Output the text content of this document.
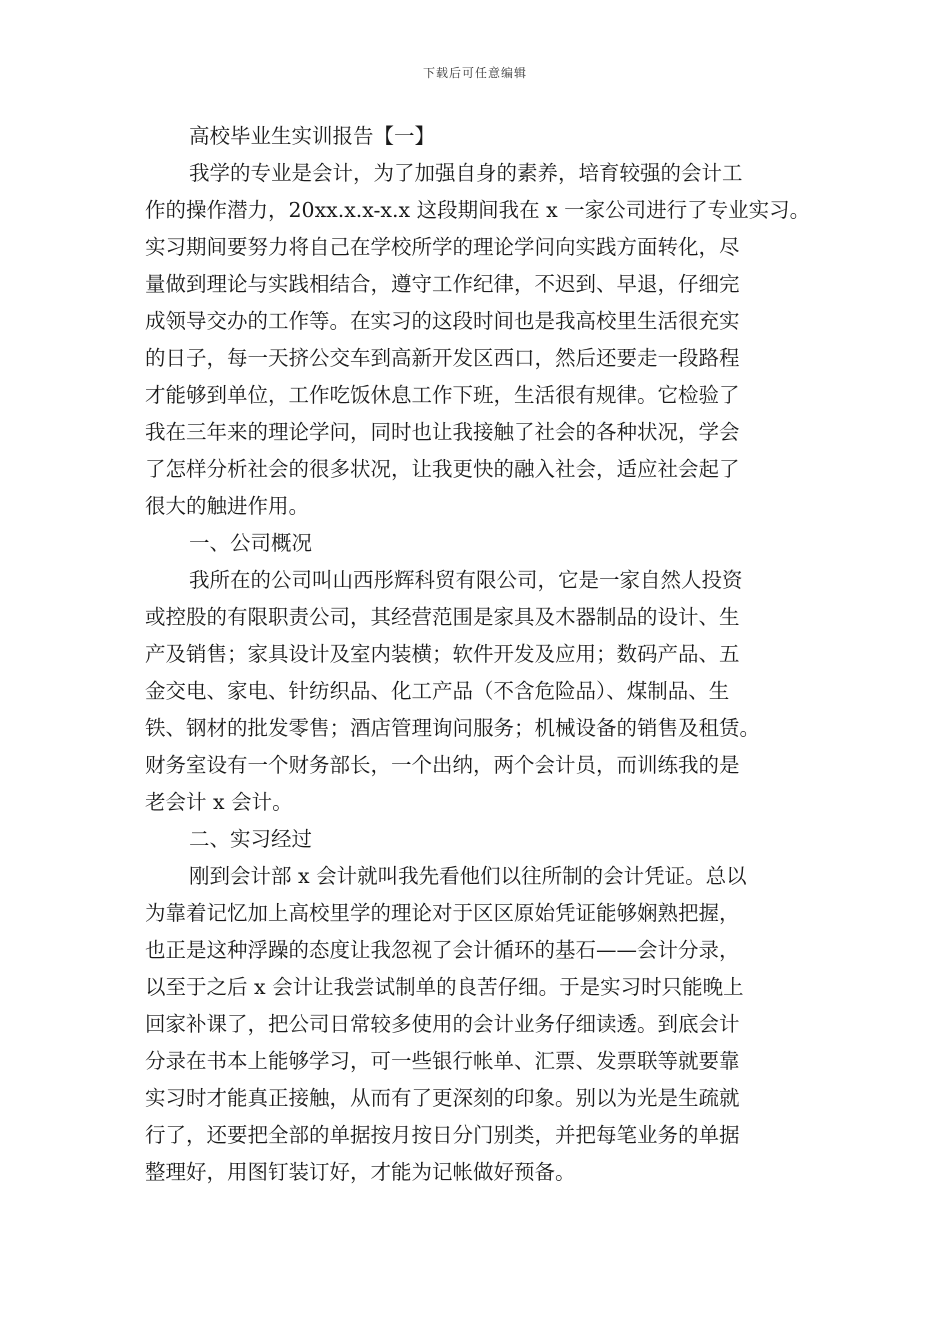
下载后可任意编辑
高校毕业生实训报告【一】
我学的专业是会计，为了加强自身的素养，培育较强的会计工
作的操作潜力，20xx.x.x-x.x 这段期间我在 x 一家公司进行了专业实习。
实习期间要努力将自己在学校所学的理论学问向实践方面转化，尽
量做到理论与实践相结合，遵守工作纪律，不迟到、早退，仔细完
成领导交办的工作等。在实习的这段时间也是我高校里生活很充实
的日子，每一天挤公交车到高新开发区西口，然后还要走一段路程
才能够到单位，工作吃饭休息工作下班，生活很有规律。它检验了
我在三年来的理论学问，同时也让我接触了社会的各种状况，学会
了怎样分析社会的很多状况，让我更快的融入社会，适应社会起了
很大的触进作用。
一、公司概况
我所在的公司叫山西彤辉科贸有限公司，它是一家自然人投资
或控股的有限职责公司，其经营范围是家具及木器制品的设计、生
产及销售；家具设计及室内装横；软件开发及应用；数码产品、五
金交电、家电、针纺织品、化工产品（不含危险品）、煤制品、生
铁、钢材的批发零售；酒店管理询问服务；机械设备的销售及租赁。
财务室设有一个财务部长，一个出纳，两个会计员，而训练我的是
老会计 x 会计。
二、实习经过
刚到会计部 x 会计就叫我先看他们以往所制的会计凭证。总以
为靠着记忆加上高校里学的理论对于区区原始凭证能够娴熟把握，
也正是这种浮躁的态度让我忽视了会计循环的基石——会计分录，
以至于之后 x 会计让我尝试制单的良苦仔细。于是实习时只能晚上
回家补课了，把公司日常较多使用的会计业务仔细读透。到底会计
分录在书本上能够学习，可一些银行帐单、汇票、发票联等就要靠
实习时才能真正接触，从而有了更深刻的印象。别以为光是生疏就
行了，还要把全部的单据按月按日分门别类，并把每笔业务的单据
整理好，用图钉装订好，才能为记帐做好预备。
